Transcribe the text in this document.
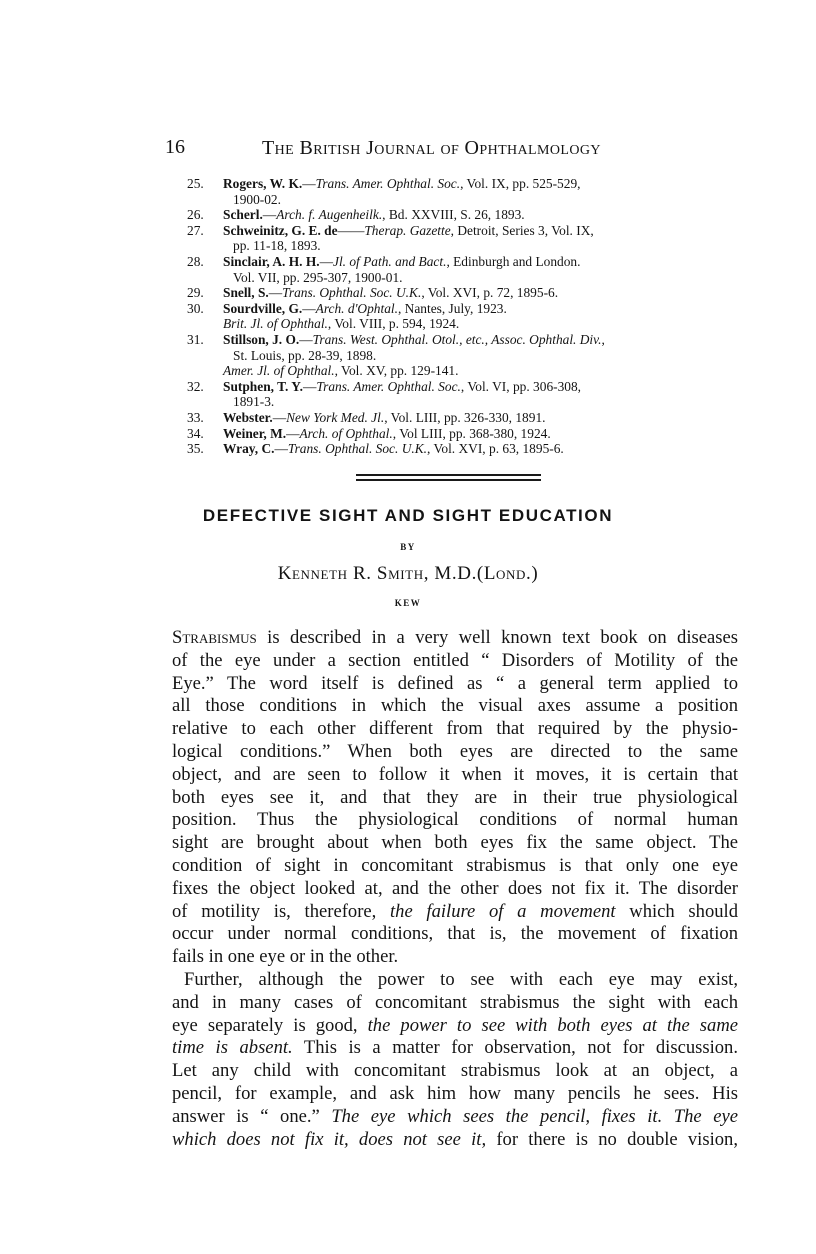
16	The British Journal of Ophthalmology
25. Rogers, W. K.—Trans. Amer. Ophthal. Soc., Vol. IX, pp. 525-529,
1900-02.
26. Scherl.—Arch. f. Augenheilk., Bd. XXVIII, S. 26, 1893.
27. Schweinitz, G. E. de——Therap. Gazette, Detroit, Series 3, Vol. IX,
pp. 11-18, 1893.
28. Sinclair, A. H. H.—Jl. of Path. and Bact., Edinburgh and London.
Vol. VII, pp. 295-307, 1900-01.
29. Snell, S.—Trans. Ophthal. Soc. U.K., Vol. XVI, p. 72, 1895-6.
30. Sourdville, G.—Arch. d'Ophtal., Nantes, July, 1923.
Brit. Jl. of Ophthal., Vol. VIII, p. 594, 1924.
31. Stillson, J. O.—Trans. West. Ophthal. Otol., etc., Assoc. Ophthal. Div.,
St. Louis, pp. 28-39, 1898.
Amer. Jl. of Ophthal., Vol. XV, pp. 129-141.
32. Sutphen, T. Y.—Trans. Amer. Ophthal. Soc., Vol. VI, pp. 306-308,
1891-3.
33. Webster.—New York Med. Jl., Vol. LIII, pp. 326-330, 1891.
34. Weiner, M.—Arch. of Ophthal., Vol LIII, pp. 368-380, 1924.
35. Wray, C.—Trans. Ophthal. Soc. U.K., Vol. XVI, p. 63, 1895-6.
DEFECTIVE SIGHT AND SIGHT EDUCATION
BY
Kenneth R. Smith, M.D.(Lond.)
KEW
Strabismus is described in a very well known text book on diseases
of the eye under a section entitled “ Disorders of Motility of the
Eye.” The word itself is defined as “ a general term applied to
all those conditions in which the visual axes assume a position
relative to each other different from that required by the physio-
logical conditions.” When both eyes are directed to the same
object, and are seen to follow it when it moves, it is certain that
both eyes see it, and that they are in their true physiological
position. Thus the physiological conditions of normal human
sight are brought about when both eyes fix the same object. The
condition of sight in concomitant strabismus is that only one eye
fixes the object looked at, and the other does not fix it. The disorder
of motility is, therefore, the failure of a movement which should
occur under normal conditions, that is, the movement of fixation
fails in one eye or in the other.
Further, although the power to see with each eye may exist,
and in many cases of concomitant strabismus the sight with each
eye separately is good, the power to see with both eyes at the same
time is absent. This is a matter for observation, not for discussion.
Let any child with concomitant strabismus look at an object, a
pencil, for example, and ask him how many pencils he sees. His
answer is “ one.” The eye which sees the pencil, fixes it. The eye
which does not fix it, does not see it, for there is no double vision,
